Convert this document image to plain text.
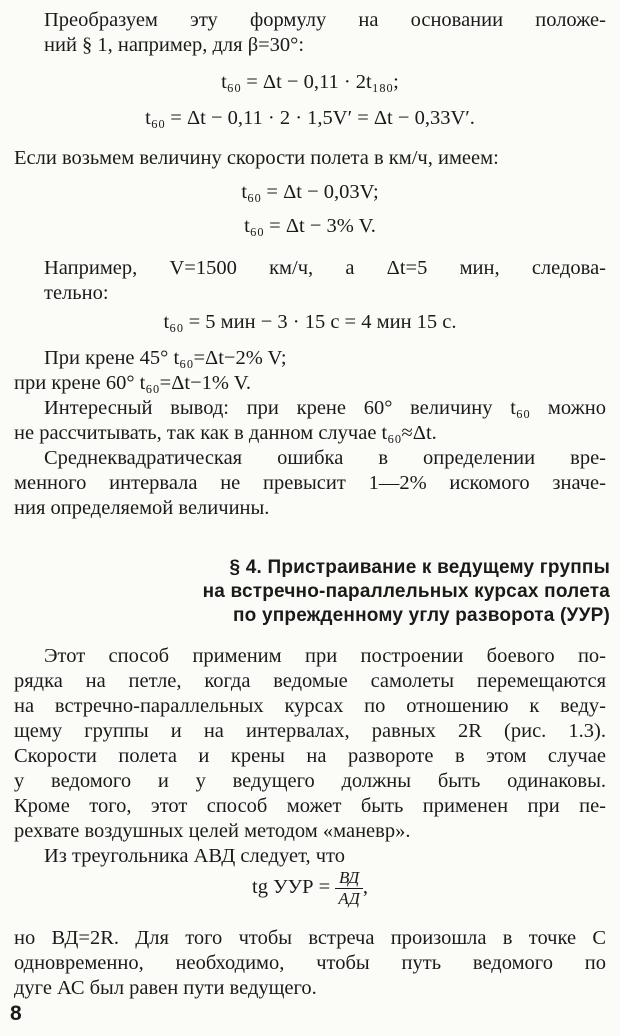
Преобразуем эту формулу на основании положе-
ний § 1, например, для β=30°:
t₆₀ = Δt − 0,11 · 2t₁₈₀;
t₆₀ = Δt − 0,11 · 2 · 1,5V′ = Δt − 0,33V′.
Если возьмем величину скорости полета в км/ч, имеем:
t₆₀ = Δt − 0,03V;
t₆₀ = Δt − 3% V.
Например, V=1500 км/ч, а Δt=5 мин, следова-
тельно:
t₆₀ = 5 мин − 3 · 15 с = 4 мин 15 с.
При крене 45° t₆₀=Δt−2% V;
при крене 60° t₆₀=Δt−1% V.
Интересный вывод: при крене 60° величину t₆₀ можно
не рассчитывать, так как в данном случае t₆₀≈Δt.
Среднеквадратическая ошибка в определении вре-
менного интервала не превысит 1—2% искомого значе-
ния определяемой величины.
§ 4. Пристраивание к ведущему группы
на встречно-параллельных курсах полета
по упрежденному углу разворота (УУР)
Этот способ применим при построении боевого по-
рядка на петле, когда ведомые самолеты перемещаются
на встречно-параллельных курсах по отношению к веду-
щему группы и на интервалах, равных 2R (рис. 1.3).
Скорости полета и крены на развороте в этом случае
у ведомого и у ведущего должны быть одинаковы.
Кроме того, этот способ может быть применен при пе-
рехвате воздушных целей методом «маневр».
Из треугольника АВД следует, что
tg УУР = $\frac{ВД}{АД}$ ,
но ВД=2R. Для того чтобы встреча произошла в точке С
одновременно, необходимо, чтобы путь ведомого по
дуге АС был равен пути ведущего.
8
